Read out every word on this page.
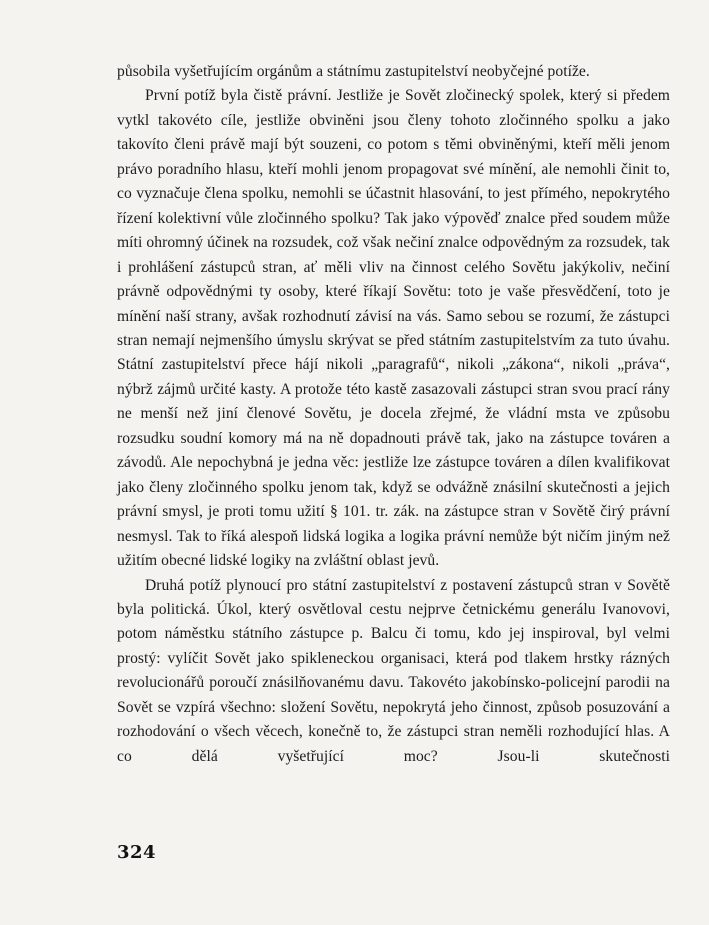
působila vyšetřujícím orgánům a státnímu zastupitelství neobyčejné potíže.

První potíž byla čistě právní. Jestliže je Sovět zločinecký spolek, který si předem vytkl takovéto cíle, jestliže obviněni jsou členy tohoto zločinného spolku a jako takovíto členi právě mají být souzeni, co potom s těmi obviněnými, kteří měli jenom právo poradního hlasu, kteří mohli jenom propagovat své mínění, ale nemohli činit to, co vyznačuje člena spolku, nemohli se účastnit hlasování, to jest přímého, nepokrytého řízení kolektivní vůle zločinného spolku? Tak jako výpověď znalce před soudem může míti ohromný účinek na rozsudek, což však nečiní znalce odpovědným za rozsudek, tak i prohlášení zástupců stran, ať měli vliv na činnost celého Sovětu jakýkoliv, nečiní právně odpovědnými ty osoby, které říkají Sovětu: toto je vaše přesvědčení, toto je mínění naší strany, avšak rozhodnutí závisí na vás. Samo sebou se rozumí, že zástupci stran nemají nejmenšího úmyslu skrývat se před státním zastupitelstvím za tuto úvahu. Státní zastupitelství přece hájí nikoli „paragrafů“, nikoli „zákona“, nikoli „práva“, nýbrž zájmů určité kasty. A protože této kastě zasazovali zástupci stran svou prací rány ne menší než jiní členové Sovětu, je docela zřejmé, že vládní msta ve způsobu rozsudku soudní komory má na ně dopadnouti právě tak, jako na zástupce továren a závodů. Ale nepochybná je jedna věc: jestliže lze zástupce továren a dílen kvalifikovat jako členy zločinného spolku jenom tak, když se odvážně znásilní skutečnosti a jejich právní smysl, je proti tomu užití § 101. tr. zák. na zástupce stran v Sovětě čirý právní nesmysl. Tak to říká alespoň lidská logika a logika právní nemůže být ničím jiným než užitím obecné lidské logiky na zvláštní oblast jevů.

Druhá potíž plynoucí pro státní zastupitelství z postavení zástupců stran v Sovětě byla politická. Úkol, který osvětloval cestu nejprve četnickému generálu Ivanovovi, potom náměstku státního zástupce p. Balcu či tomu, kdo jej inspiroval, byl velmi prostý: vylíčit Sovět jako spikleneckou organisaci, která pod tlakem hrstky rázných revolucionářů poroučí znásilňovanému davu. Takovéto jakobínsko-policejní parodii na Sovět se vzpírá všechno: složení Sovětu, nepokrytá jeho činnost, způsob posuzování a rozhodování o všech věcech, konečně to, že zástupci stran neměli rozhodující hlas. A co dělá vyšetřující moc? Jsou-li skutečnosti

324
